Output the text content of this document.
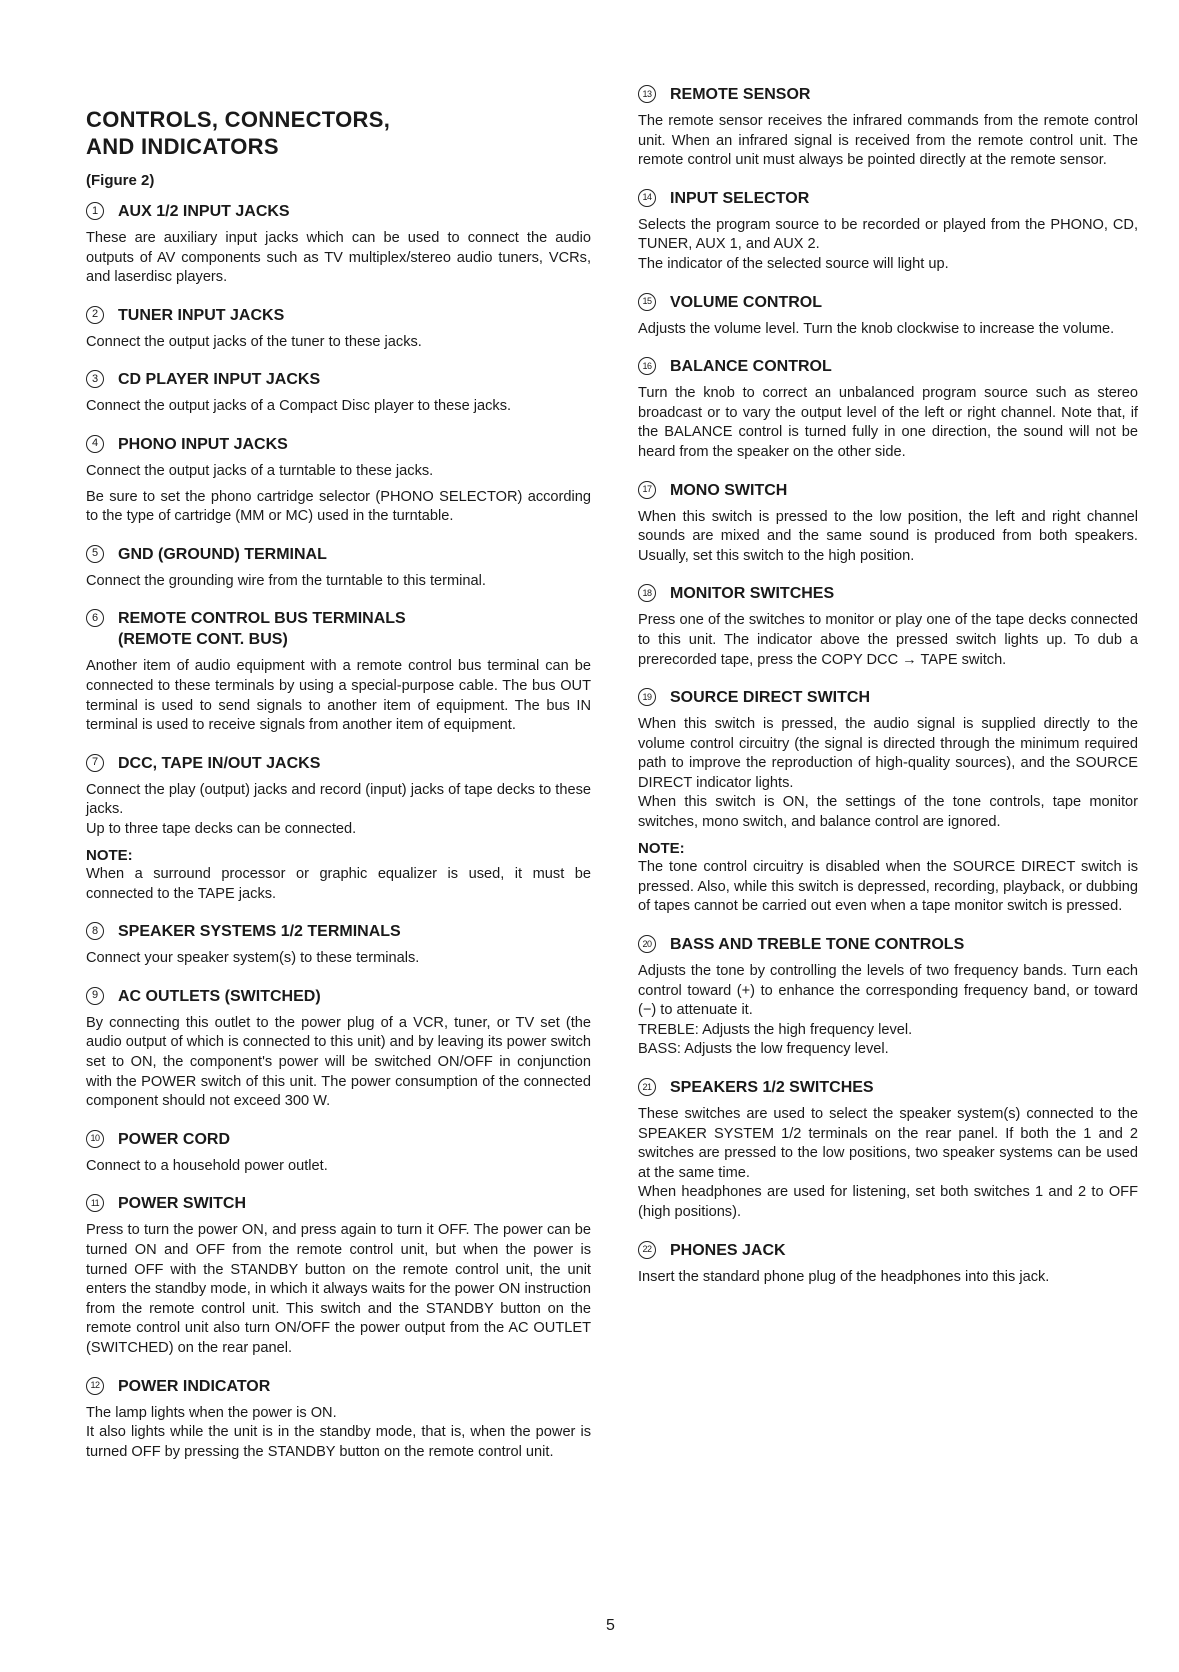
CONTROLS, CONNECTORS,
AND INDICATORS
(Figure 2)
1	AUX 1/2 INPUT JACKS

These are auxiliary input jacks which can be used to connect the audio outputs of AV components such as TV multiplex/stereo audio tuners, VCRs, and laserdisc players.

2	TUNER INPUT JACKS

Connect the output jacks of the tuner to these jacks.

3	CD PLAYER INPUT JACKS

Connect the output jacks of a Compact Disc player to these jacks.

4	PHONO INPUT JACKS

Connect the output jacks of a turntable to these jacks.

Be sure to set the phono cartridge selector (PHONO SELECTOR) according to the type of cartridge (MM or MC) used in the turntable.

5	GND (GROUND) TERMINAL

Connect the grounding wire from the turntable to this terminal.

6	REMOTE CONTROL BUS TERMINALS
(REMOTE CONT. BUS)

Another item of audio equipment with a remote control bus terminal can be connected to these terminals by using a special-purpose cable. The bus OUT terminal is used to send signals to another item of equipment. The bus IN terminal is used to receive signals from another item of equipment.

7	DCC, TAPE IN/OUT JACKS

Connect the play (output) jacks and record (input) jacks of tape decks to these jacks.

Up to three tape decks can be connected.

NOTE:

When a surround processor or graphic equalizer is used, it must be connected to the TAPE jacks.

8	SPEAKER SYSTEMS 1/2 TERMINALS

Connect your speaker system(s) to these terminals.

9	AC OUTLETS (SWITCHED)

By connecting this outlet to the power plug of a VCR, tuner, or TV set (the audio output of which is connected to this unit) and by leaving its power switch set to ON, the component's power will be switched ON/OFF in conjunction with the POWER switch of this unit. The power consumption of the connected component should not exceed 300 W.

10 POWER CORD

Connect to a household power outlet.

11	POWER SWITCH

Press to turn the power ON, and press again to turn it OFF. The power can be turned ON and OFF from the remote control unit, but when the power is turned OFF with the STANDBY button on the remote control unit, the unit enters the standby mode, in which it always waits for the power ON instruction from the remote control unit. This switch and the STANDBY button on the remote control unit also turn ON/OFF the power output from the AC OUTLET (SWITCHED) on the rear panel.

12 POWER INDICATOR

The lamp lights when the power is ON.

It also lights while the unit is in the standby mode, that is, when the power is turned OFF by pressing the STANDBY button on the remote control unit.

13 REMOTE SENSOR

The remote sensor receives the infrared commands from the remote control unit. When an infrared signal is received from the remote control unit. The remote control unit must always be pointed directly at the remote sensor.

14 INPUT SELECTOR

Selects the program source to be recorded or played from the PHONO, CD, TUNER, AUX 1, and AUX 2.

The indicator of the selected source will light up.

15 VOLUME CONTROL

Adjusts the volume level. Turn the knob clockwise to increase the volume.

16 BALANCE CONTROL

Turn the knob to correct an unbalanced program source such as stereo broadcast or to vary the output level of the left or right channel. Note that, if the BALANCE control is turned fully in one direction, the sound will not be heard from the speaker on the other side.

17 MONO SWITCH

When this switch is pressed to the low position, the left and right channel sounds are mixed and the same sound is produced from both speakers. Usually, set this switch to the high position.

18 MONITOR SWITCHES

Press one of the switches to monitor or play one of the tape decks connected to this unit. The indicator above the pressed switch lights up. To dub a prerecorded tape, press the COPY DCC → TAPE switch.

19 SOURCE DIRECT SWITCH

When this switch is pressed, the audio signal is supplied directly to the volume control circuitry (the signal is directed through the minimum required path to improve the reproduction of high-quality sources), and the SOURCE DIRECT indicator lights.

When this switch is ON, the settings of the tone controls, tape monitor switches, mono switch, and balance control are ignored.

NOTE:

The tone control circuitry is disabled when the SOURCE DIRECT switch is pressed. Also, while this switch is depressed, recording, playback, or dubbing of tapes cannot be carried out even when a tape monitor switch is pressed.

20 BASS AND TREBLE TONE CONTROLS

Adjusts the tone by controlling the levels of two frequency bands. Turn each control toward (+) to enhance the corresponding frequency band, or toward (−) to attenuate it.

TREBLE: Adjusts the high frequency level.

BASS: Adjusts the low frequency level.

21 SPEAKERS 1/2 SWITCHES

These switches are used to select the speaker system(s) connected to the SPEAKER SYSTEM 1/2 terminals on the rear panel. If both the 1 and 2 switches are pressed to the low positions, two speaker systems can be used at the same time.

When headphones are used for listening, set both switches 1 and 2 to OFF (high positions).

22 PHONES JACK

Insert the standard phone plug of the headphones into this jack.

5
